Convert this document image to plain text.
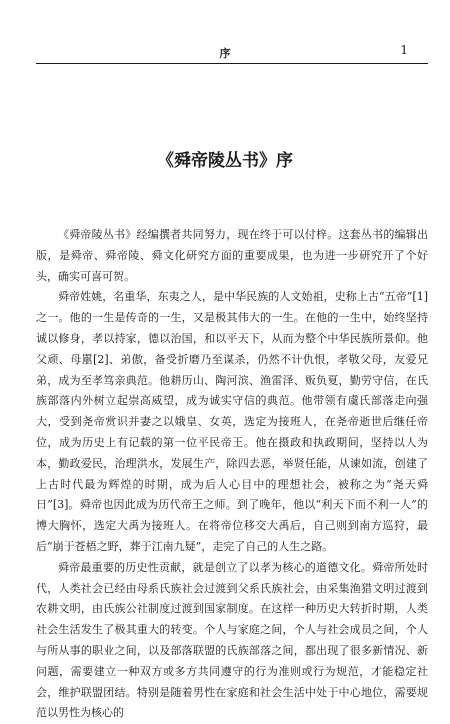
序	1
《舜帝陵丛书》序

《舜帝陵丛书》经编撰者共同努力，现在终于可以付梓。这套丛书的编辑出版，是舜帝、舜帝陵、舜文化研究方面的重要成果，也为进一步研究开了个好头，确实可喜可贺。

舜帝姓姚，名重华，东夷之人，是中华民族的人文始祖，史称上古“五帝”[1]之一。他的一生是传奇的一生，又是极其伟大的一生。在他的一生中，始终坚持诚以修身，孝以持家，德以治国，和以平天下，从而为整个中华民族所景仰。他父顽、母嚚[2]、弟傲，备受折磨乃至谋杀，仍然不计仇恨，孝敬父母，友爱兄弟，成为至孝笃亲典范。他耕历山、陶河滨、渔雷泽、贩负夏，勤劳守信，在氏族部落内外树立起崇高威望，成为诚实守信的典范。他带领有虞氏部落走向强大，受到尧帝赏识并妻之以娥皇、女英，选定为接班人，在尧帝逝世后继任帝位，成为历史上有记载的第一位平民帝王。他在摄政和执政期间，坚持以人为本，勤政爱民，治理洪水，发展生产，除四去恶，举贤任能，从谏如流，创建了上古时代最为辉煌的时期，成为后人心目中的理想社会，被称之为“尧天舜日”[3]。舜帝也因此成为历代帝王之师。到了晚年，他以“利天下而不利一人”的博大胸怀，选定大禹为接班人。在将帝位移交大禹后，自己则到南方巡狩，最后“崩于苍梧之野，葬于江南九疑”，走完了自己的人生之路。

舜帝最重要的历史性贡献，就是创立了以孝为核心的道德文化。舜帝所处时代，人类社会已经由母系氏族社会过渡到父系氏族社会，由采集渔猎文明过渡到农耕文明，由氏族公社制度过渡到国家制度。在这样一种历史大转折时期，人类社会生活发生了极其重大的转变。个人与家庭之间，个人与社会成员之间，个人与所从事的职业之间，以及部落联盟的氏族部落之间，都出现了很多新情况、新问题，需要建立一种双方或多方共同遵守的行为准则或行为规范，才能稳定社会，维护联盟团结。特别是随着男性在家庭和社会生活中处于中心地位，需要规范以男性为核心的
